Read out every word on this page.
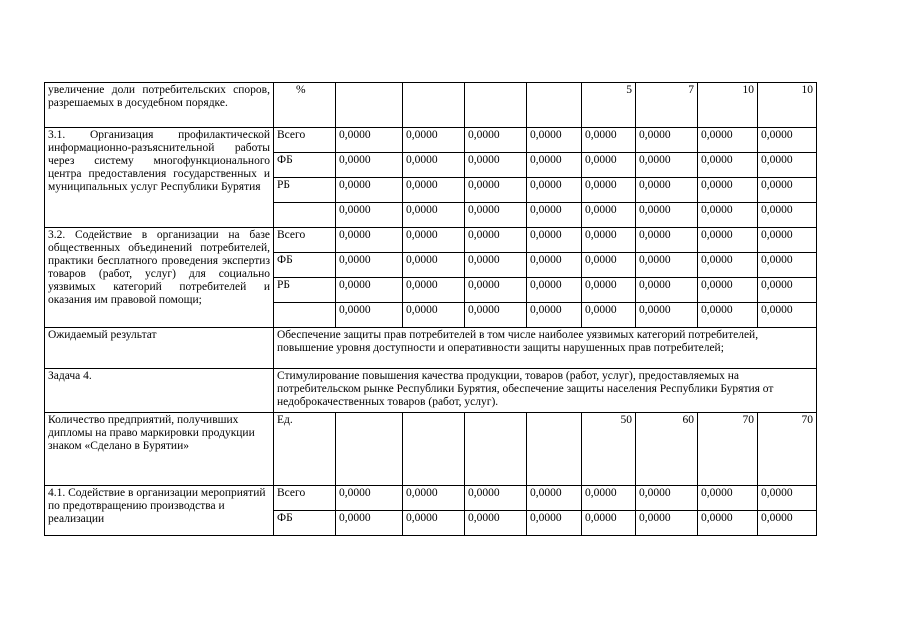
увеличение доли потребительских споров, разрешаемых в досудебном порядке.	%					5	7	10	10
3.1. Организация профилактической информационно-разъяснительной работы через систему многофункционального центра предоставления государственных и муниципальных услуг Республики Бурятия	Всего	0,0000	0,0000	0,0000	0,0000	0,0000	0,0000	0,0000	0,0000
	ФБ	0,0000	0,0000	0,0000	0,0000	0,0000	0,0000	0,0000	0,0000
	РБ	0,0000	0,0000	0,0000	0,0000	0,0000	0,0000	0,0000	0,0000
		0,0000	0,0000	0,0000	0,0000	0,0000	0,0000	0,0000	0,0000
3.2. Содействие в организации на базе общественных объединений потребителей, практики бесплатного проведения экспертиз товаров (работ, услуг) для социально уязвимых категорий потребителей и оказания им правовой помощи;	Всего	0,0000	0,0000	0,0000	0,0000	0,0000	0,0000	0,0000	0,0000
	ФБ	0,0000	0,0000	0,0000	0,0000	0,0000	0,0000	0,0000	0,0000
	РБ	0,0000	0,0000	0,0000	0,0000	0,0000	0,0000	0,0000	0,0000
		0,0000	0,0000	0,0000	0,0000	0,0000	0,0000	0,0000	0,0000
Ожидаемый результат	Обеспечение защиты прав потребителей в том числе наиболее уязвимых категорий потребителей, повышение уровня доступности и оперативности защиты нарушенных прав потребителей;								
Задача 4.	Стимулирование повышения качества продукции, товаров (работ, услуг), предоставляемых на потребительском рынке Республики Бурятия, обеспечение защиты населения Республики Бурятия от недоброкачественных товаров (работ, услуг).								
Количество предприятий, получивших дипломы на право маркировки продукции знаком «Сделано в Бурятии»	Ед.					50	60	70	70
4.1. Содействие в организации мероприятий по предотвращению производства и реализации	Всего	0,0000	0,0000	0,0000	0,0000	0,0000	0,0000	0,0000	0,0000
	ФБ	0,0000	0,0000	0,0000	0,0000	0,0000	0,0000	0,0000	0,0000
